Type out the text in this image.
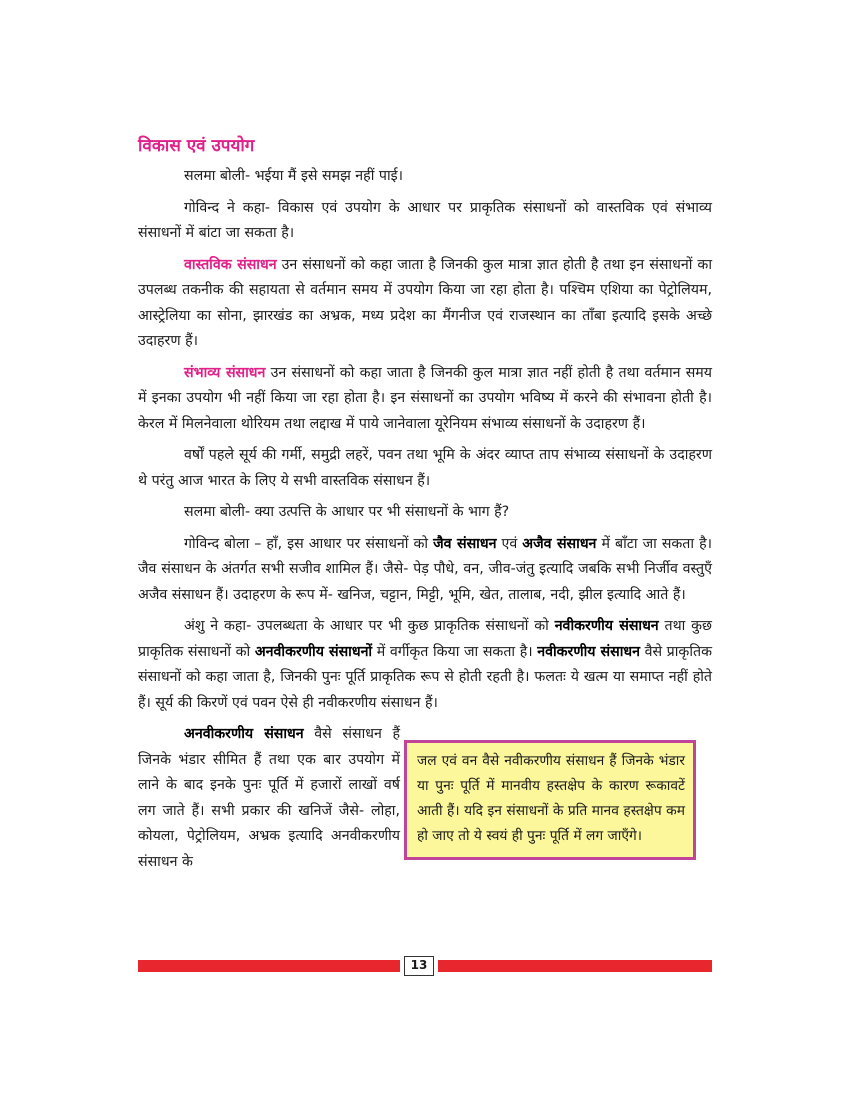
विकास एवं उपयोग

सलमा बोली- भईया मैं इसे समझ नहीं पाई।

गोविन्द ने कहा- विकास एवं उपयोग के आधार पर प्राकृतिक संसाधनों को वास्तविक एवं संभाव्य संसाधनों में बांटा जा सकता है।

वास्तविक संसाधन उन संसाधनों को कहा जाता है जिनकी कुल मात्रा ज्ञात होती है तथा इन संसाधनों का उपलब्ध तकनीक की सहायता से वर्तमान समय में उपयोग किया जा रहा होता है। पश्चिम एशिया का पेट्रोलियम, आस्ट्रेलिया का सोना, झारखंड का अभ्रक, मध्य प्रदेश का मैंगनीज एवं राजस्थान का ताँबा इत्यादि इसके अच्छे उदाहरण हैं।

संभाव्य संसाधन उन संसाधनों को कहा जाता है जिनकी कुल मात्रा ज्ञात नहीं होती है तथा वर्तमान समय में इनका उपयोग भी नहीं किया जा रहा होता है। इन संसाधनों का उपयोग भविष्य में करने की संभावना होती है। केरल में मिलनेवाला थोरियम तथा लद्दाख में पाये जानेवाला यूरेनियम संभाव्य संसाधनों के उदाहरण हैं।

वर्षों पहले सूर्य की गर्मी, समुद्री लहरें, पवन तथा भूमि के अंदर व्याप्त ताप संभाव्य संसाधनों के उदाहरण थे परंतु आज भारत के लिए ये सभी वास्तविक संसाधन हैं।

सलमा बोली- क्या उत्पत्ति के आधार पर भी संसाधनों के भाग हैं?

गोविन्द बोला – हाँ, इस आधार पर संसाधनों को जैव संसाधन एवं अजैव संसाधन में बाँटा जा सकता है। जैव संसाधन के अंतर्गत सभी सजीव शामिल हैं। जैसे- पेड़ पौधे, वन, जीव-जंतु इत्यादि जबकि सभी निर्जीव वस्तुएँ अजैव संसाधन हैं। उदाहरण के रूप में- खनिज, चट्टान, मिट्टी, भूमि, खेत, तालाब, नदी, झील इत्यादि आते हैं।

अंशु ने कहा- उपलब्धता के आधार पर भी कुछ प्राकृतिक संसाधनों को नवीकरणीय संसाधन तथा कुछ प्राकृतिक संसाधनों को अनवीकरणीय संसाधनों में वर्गीकृत किया जा सकता है। नवीकरणीय संसाधन वैसे प्राकृतिक संसाधनों को कहा जाता है, जिनकी पुनः पूर्ति प्राकृतिक रूप से होती रहती है। फलतः ये खत्म या समाप्त नहीं होते हैं। सूर्य की किरणें एवं पवन ऐसे ही नवीकरणीय संसाधन हैं।

अनवीकरणीय संसाधन वैसे संसाधन हैं जिनके भंडार सीमित हैं तथा एक बार उपयोग में लाने के बाद इनके पुनः पूर्ति में हजारों लाखों वर्ष लग जाते हैं। सभी प्रकार की खनिजें जैसे- लोहा, कोयला, पेट्रोलियम, अभ्रक इत्यादि अनवीकरणीय संसाधन के

जल एवं वन वैसे नवीकरणीय संसाधन हैं जिनके भंडार या पुनः पूर्ति में मानवीय हस्तक्षेप के कारण रूकावटें आती हैं। यदि इन संसाधनों के प्रति मानव हस्तक्षेप कम हो जाए तो ये स्वयं ही पुनः पूर्ति में लग जाएँगे।
13
